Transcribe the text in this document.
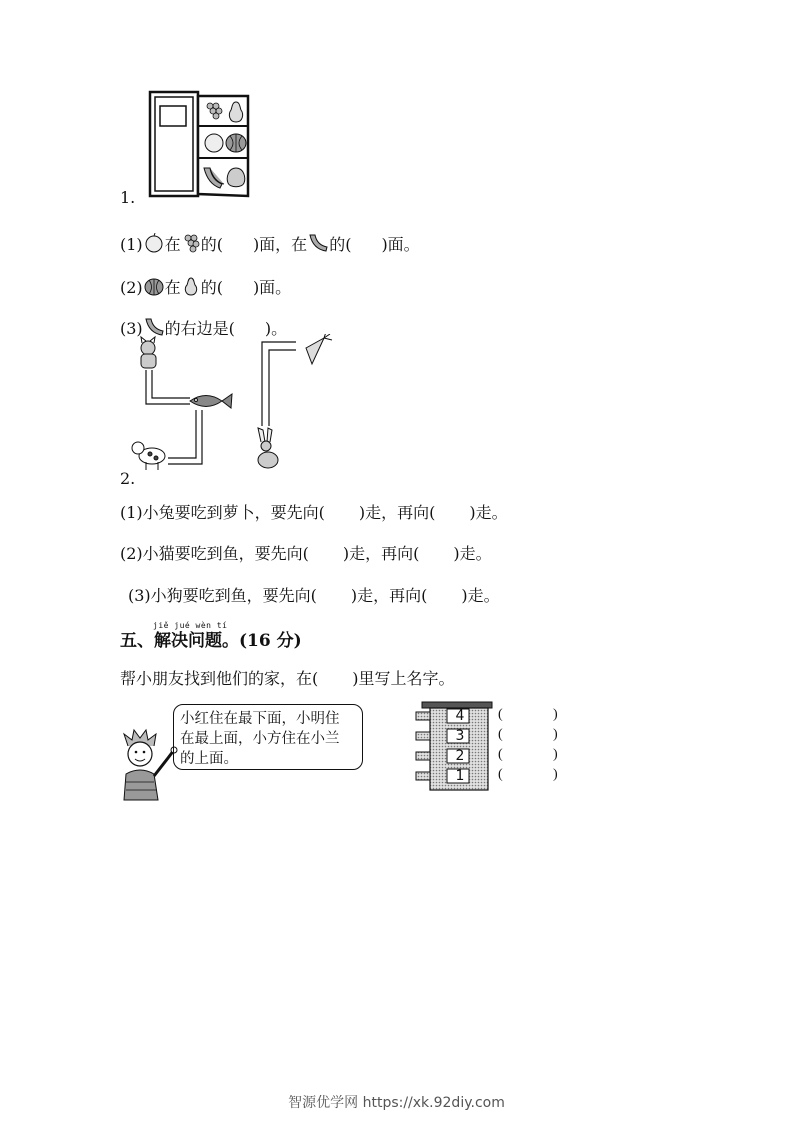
1.
(1) 在 的( )面，在 的( )面。
(2) 在 的( )面。
(3) 的右边是( )。
2.
(1)小兔要吃到萝卜，要先向( )走，再向( )走。
(2)小猫要吃到鱼，要先向( )走，再向( )走。
(3)小狗要吃到鱼，要先向( )走，再向( )走。
jiě jué wèn tí
五、解决问题。(16 分)
帮小朋友找到他们的家，在( )里写上名字。
小红住在最下面，小明住
在最上面，小方住在小兰
的上面。
4
3
2
1
(	)
(	)
(	)
(	)
智源优学网 https://xk.92diy.com
